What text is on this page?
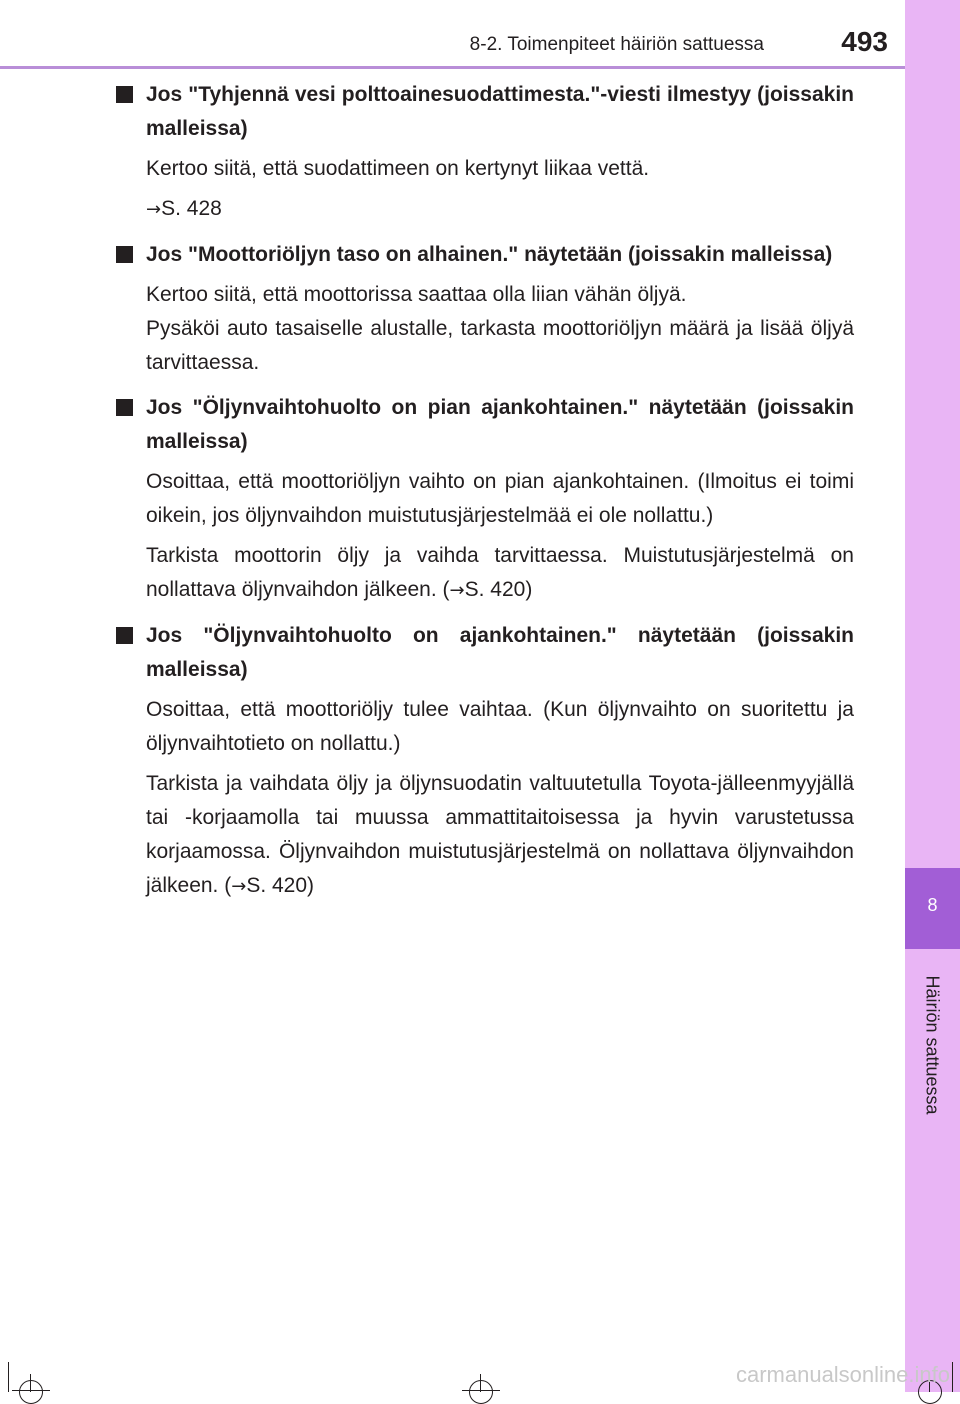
8-2. Toimenpiteet häiriön sattuessa	493
8
Häiriön sattuessa

Jos "Tyhjennä vesi polttoainesuodattimesta."-viesti ilmestyy (joissakin malleissa)

Kertoo siitä, että suodattimeen on kertynyt liikaa vettä.

→S. 428

Jos "Moottoriöljyn taso on alhainen." näytetään (joissakin malleissa)

Kertoo siitä, että moottorissa saattaa olla liian vähän öljyä.
Pysäköi auto tasaiselle alustalle, tarkasta moottoriöljyn määrä ja lisää öljyä tarvittaessa.

Jos "Öljynvaihtohuolto on pian ajankohtainen." näytetään (joissakin malleissa)

Osoittaa, että moottoriöljyn vaihto on pian ajankohtainen. (Ilmoitus ei toimi oikein, jos öljynvaihdon muistutusjärjestelmää ei ole nollattu.)

Tarkista moottorin öljy ja vaihda tarvittaessa. Muistutusjärjestelmä on nollattava öljynvaihdon jälkeen. (→S. 420)

Jos "Öljynvaihtohuolto on ajankohtainen." näytetään (joissakin malleissa)

Osoittaa, että moottoriöljy tulee vaihtaa. (Kun öljynvaihto on suoritettu ja öljynvaihtotieto on nollattu.)

Tarkista ja vaihdata öljy ja öljynsuodatin valtuutetulla Toyota-jälleenmyyjällä tai -korjaamolla tai muussa ammattitaitoisessa ja hyvin varustetussa korjaamossa. Öljynvaihdon muistutusjärjestelmä on nollattava öljynvaihdon jälkeen. (→S. 420)

carmanualsonline.info
